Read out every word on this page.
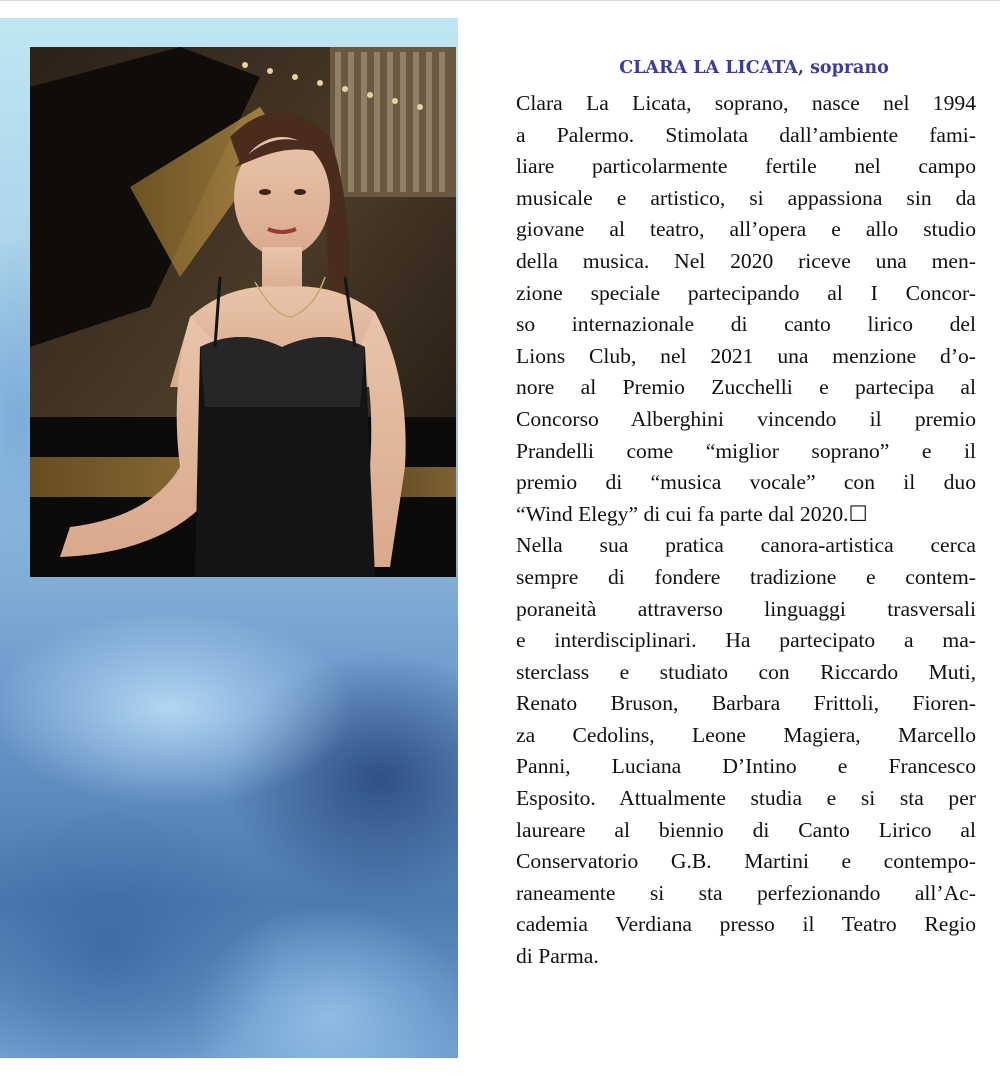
CLARA LA LICATA, soprano
Clara La Licata, soprano, nasce nel 1994
a Palermo. Stimolata dall’ambiente fami-
liare particolarmente fertile nel campo
musicale e artistico, si appassiona sin da
giovane al teatro, all’opera e allo studio
della musica. Nel 2020 riceve una men-
zione speciale partecipando al I Concor-
so internazionale di canto lirico del
Lions Club, nel 2021 una menzione d’o-
nore al Premio Zucchelli e partecipa al
Concorso Alberghini vincendo il premio
Prandelli come “miglior soprano” e il
premio di “musica vocale” con il duo
“Wind Elegy” di cui fa parte dal 2020.☐
Nella sua pratica canora-artistica cerca
sempre di fondere tradizione e contem-
poraneità attraverso linguaggi trasversali
e interdisciplinari. Ha partecipato a ma-
sterclass e studiato con Riccardo Muti,
Renato Bruson, Barbara Frittoli, Fioren-
za Cedolins, Leone Magiera, Marcello
Panni, Luciana D’Intino e Francesco
Esposito. Attualmente studia e si sta per
laureare al biennio di Canto Lirico al
Conservatorio G.B. Martini e contempo-
raneamente si sta perfezionando all’Ac-
cademia Verdiana presso il Teatro Regio
di Parma.
